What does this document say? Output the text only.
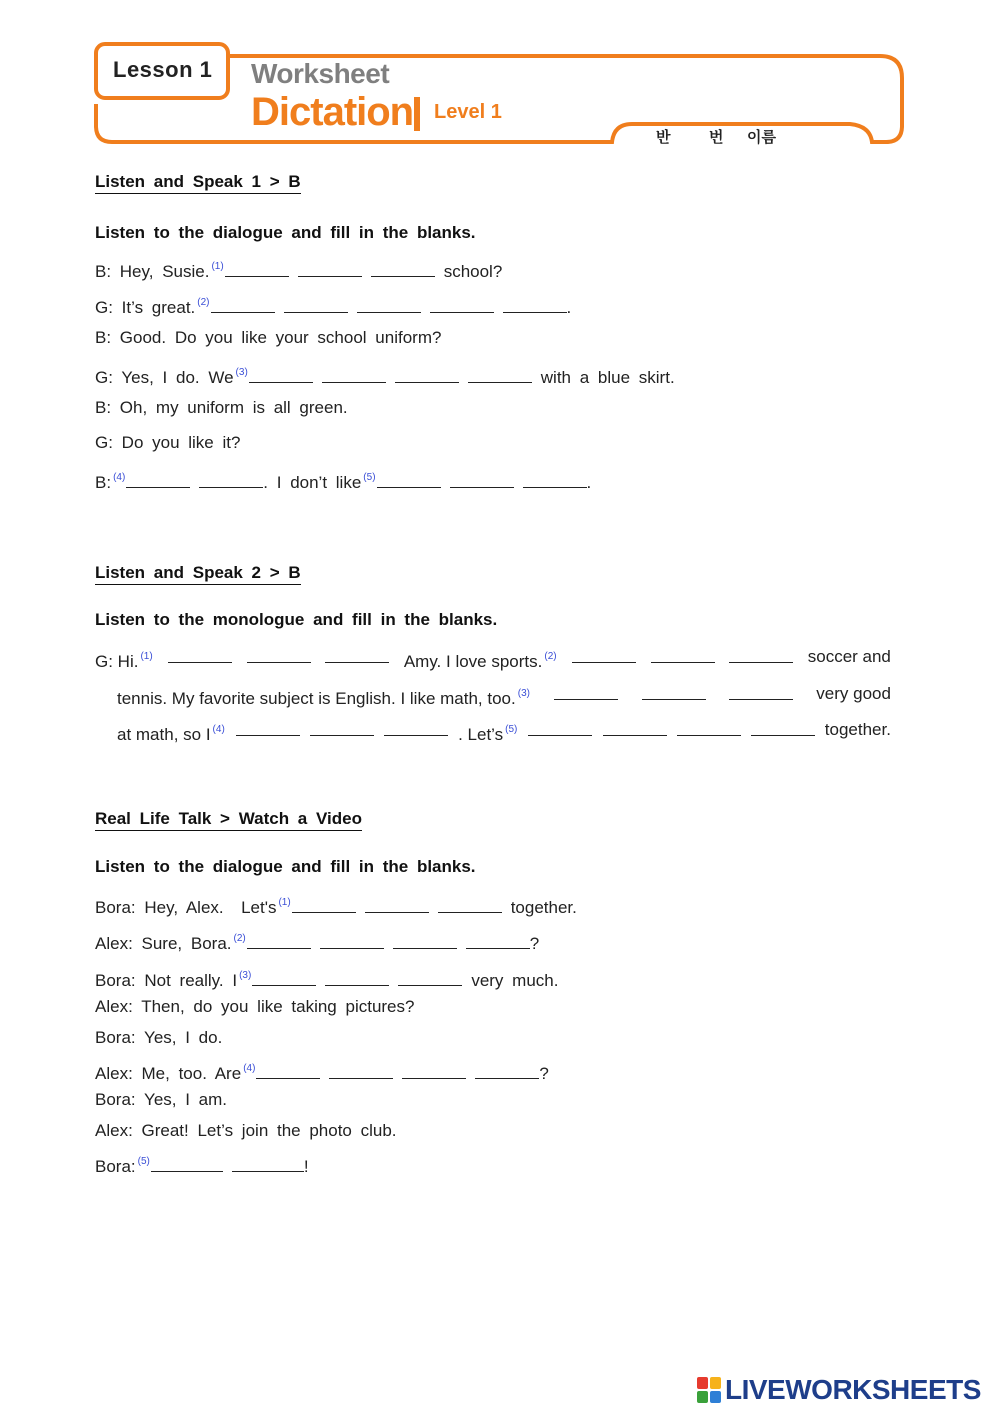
Lesson 1 Worksheet
Dictation Level 1
반	번 이름
Listen and Speak 1 > B
Listen to the dialogue and fill in the blanks.
B: Hey, Susie. $^{(1)}$	school?
G: It’s great. $^{(2)}$	.
B: Good. Do you like your school uniform?
G: Yes, I do. We $^{(3)}$	with a blue skirt.
B: Oh, my uniform is all green.
G: Do you like it?
B: $^{(4)}$	. I don’t like $^{(5)}$	.
Listen and Speak 2 > B
Listen to the monologue and fill in the blanks.
G: Hi. $^{(1)}$	Amy. I love sports. $^{(2)}$	soccer and
tennis. My favorite subject is English. I like math, too. $^{(3)}$	very good
at math, so I $^{(4)}$	. Let’s $^{(5)}$	together.
Real Life Talk > Watch a Video
Listen to the dialogue and fill in the blanks.
Bora: Hey, Alex.  Let's $^{(1)}$	together.
Alex: Sure, Bora. $^{(2)}$	?
Bora: Not really. I $^{(3)}$	very much.
Alex: Then, do you like taking pictures?
Bora: Yes, I do.
Alex: Me, too. Are $^{(4)}$	?
Bora: Yes, I am.
Alex: Great! Let’s join the photo club.
Bora: $^{(5)}$	!
LIVEWORKSHEETS
